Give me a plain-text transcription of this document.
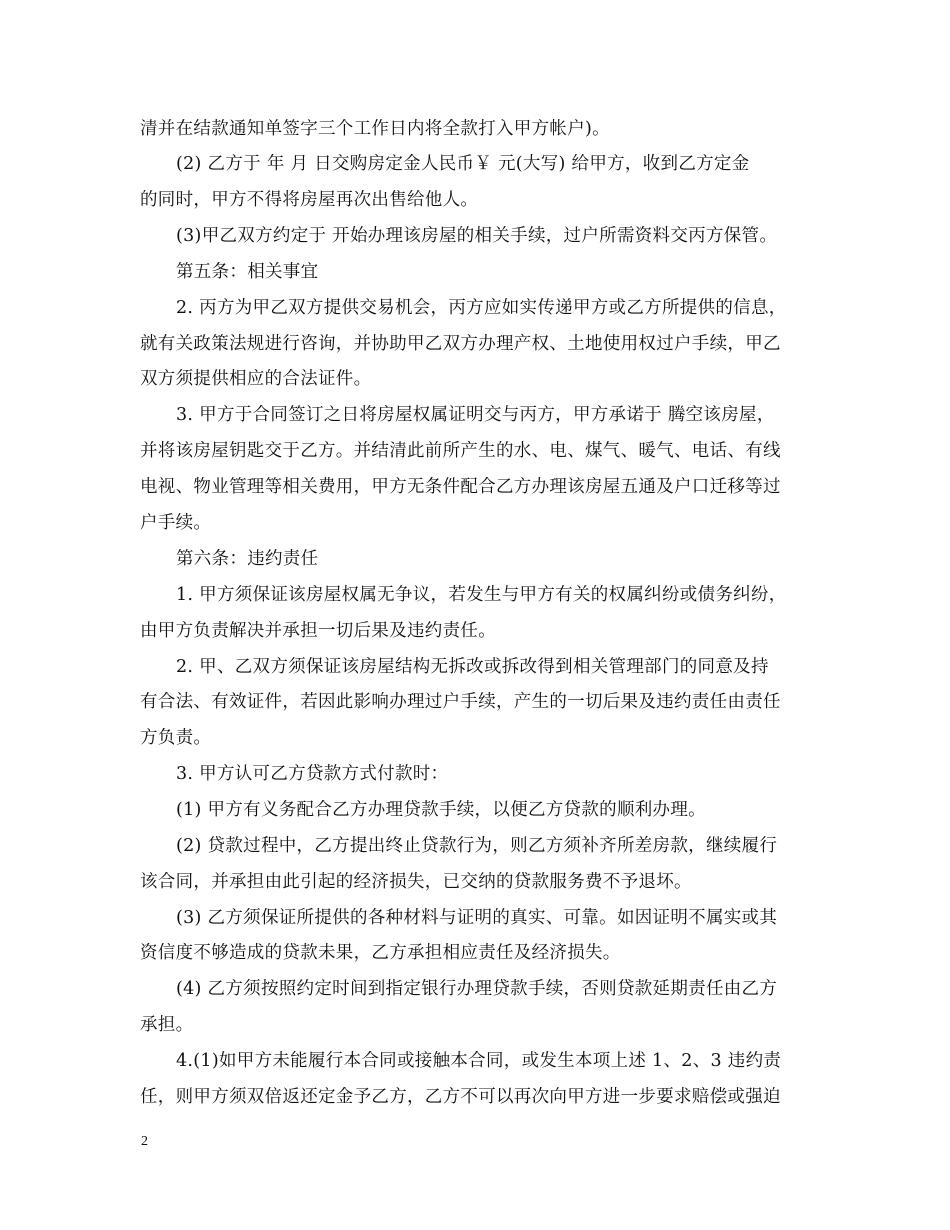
清并在结款通知单签字三个工作日内将全款打入甲方帐户)。
(2) 乙方于 年 月 日交购房定金人民币￥ 元(大写) 给甲方，收到乙方定金
的同时，甲方不得将房屋再次出售给他人。
(3)甲乙双方约定于 开始办理该房屋的相关手续，过户所需资料交丙方保管。
第五条：相关事宜
2. 丙方为甲乙双方提供交易机会，丙方应如实传递甲方或乙方所提供的信息，
就有关政策法规进行咨询，并协助甲乙双方办理产权、土地使用权过户手续，甲乙
双方须提供相应的合法证件。
3. 甲方于合同签订之日将房屋权属证明交与丙方，甲方承诺于 腾空该房屋，
并将该房屋钥匙交于乙方。并结清此前所产生的水、电、煤气、暖气、电话、有线
电视、物业管理等相关费用，甲方无条件配合乙方办理该房屋五通及户口迁移等过
户手续。
第六条：违约责任
1. 甲方须保证该房屋权属无争议，若发生与甲方有关的权属纠纷或债务纠纷，
由甲方负责解决并承担一切后果及违约责任。
2. 甲、乙双方须保证该房屋结构无拆改或拆改得到相关管理部门的同意及持
有合法、有效证件，若因此影响办理过户手续，产生的一切后果及违约责任由责任
方负责。
3. 甲方认可乙方贷款方式付款时：
(1) 甲方有义务配合乙方办理贷款手续，以便乙方贷款的顺利办理。
(2) 贷款过程中，乙方提出终止贷款行为，则乙方须补齐所差房款，继续履行
该合同，并承担由此引起的经济损失，已交纳的贷款服务费不予退坏。
(3) 乙方须保证所提供的各种材料与证明的真实、可靠。如因证明不属实或其
资信度不够造成的贷款未果，乙方承担相应责任及经济损失。
(4) 乙方须按照约定时间到指定银行办理贷款手续，否则贷款延期责任由乙方
承担。
4.(1)如甲方未能履行本合同或接触本合同，或发生本项上述 1、2、3 违约责
任，则甲方须双倍返还定金予乙方，乙方不可以再次向甲方进一步要求赔偿或强迫
2
